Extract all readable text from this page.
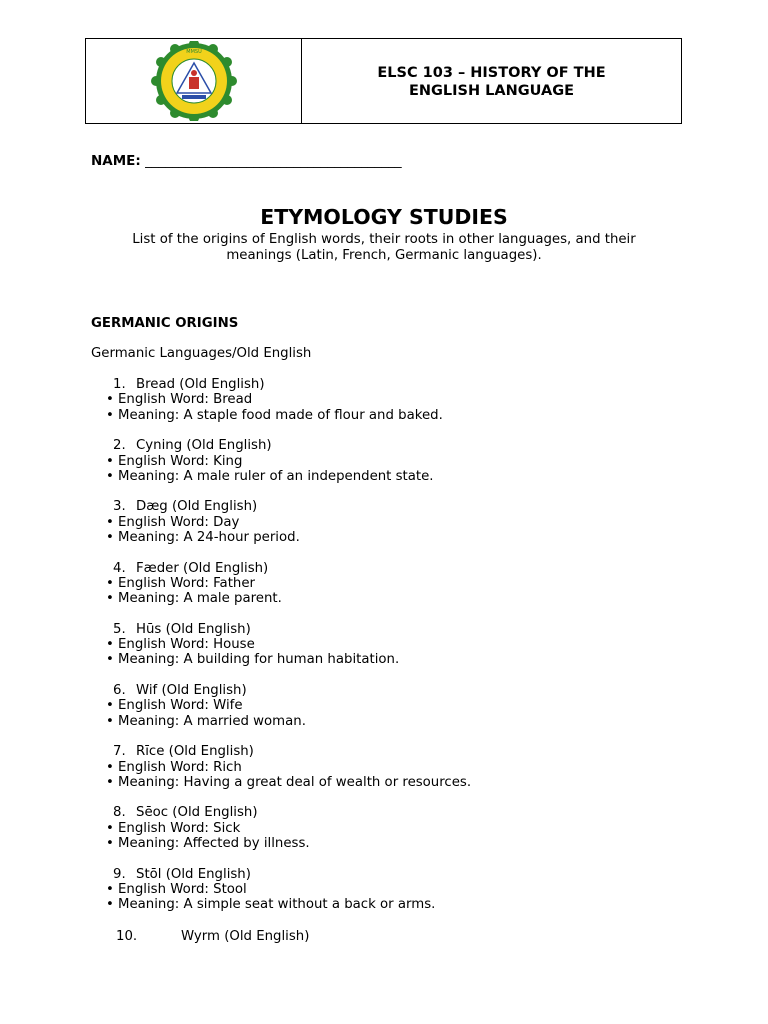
MMSU
ELSC 103 – HISTORY OF THE
ENGLISH LANGUAGE
NAME: ______________________________________
ETYMOLOGY STUDIES
List of the origins of English words, their roots in other languages, and their
meanings (Latin, French, Germanic languages).
GERMANIC ORIGINS
Germanic Languages/Old English
1. Bread (Old English)
• English Word: Bread
• Meaning: A staple food made of flour and baked.
2. Cyning (Old English)
• English Word: King
• Meaning: A male ruler of an independent state.
3. Dæg (Old English)
• English Word: Day
• Meaning: A 24-hour period.
4. Fæder (Old English)
• English Word: Father
• Meaning: A male parent.
5. Hūs (Old English)
• English Word: House
• Meaning: A building for human habitation.
6. Wif (Old English)
• English Word: Wife
• Meaning: A married woman.
7. Rīce (Old English)
• English Word: Rich
• Meaning: Having a great deal of wealth or resources.
8. Sēoc (Old English)
• English Word: Sick
• Meaning: Affected by illness.
9. Stōl (Old English)
• English Word: Stool
• Meaning: A simple seat without a back or arms.
10.	Wyrm (Old English)
